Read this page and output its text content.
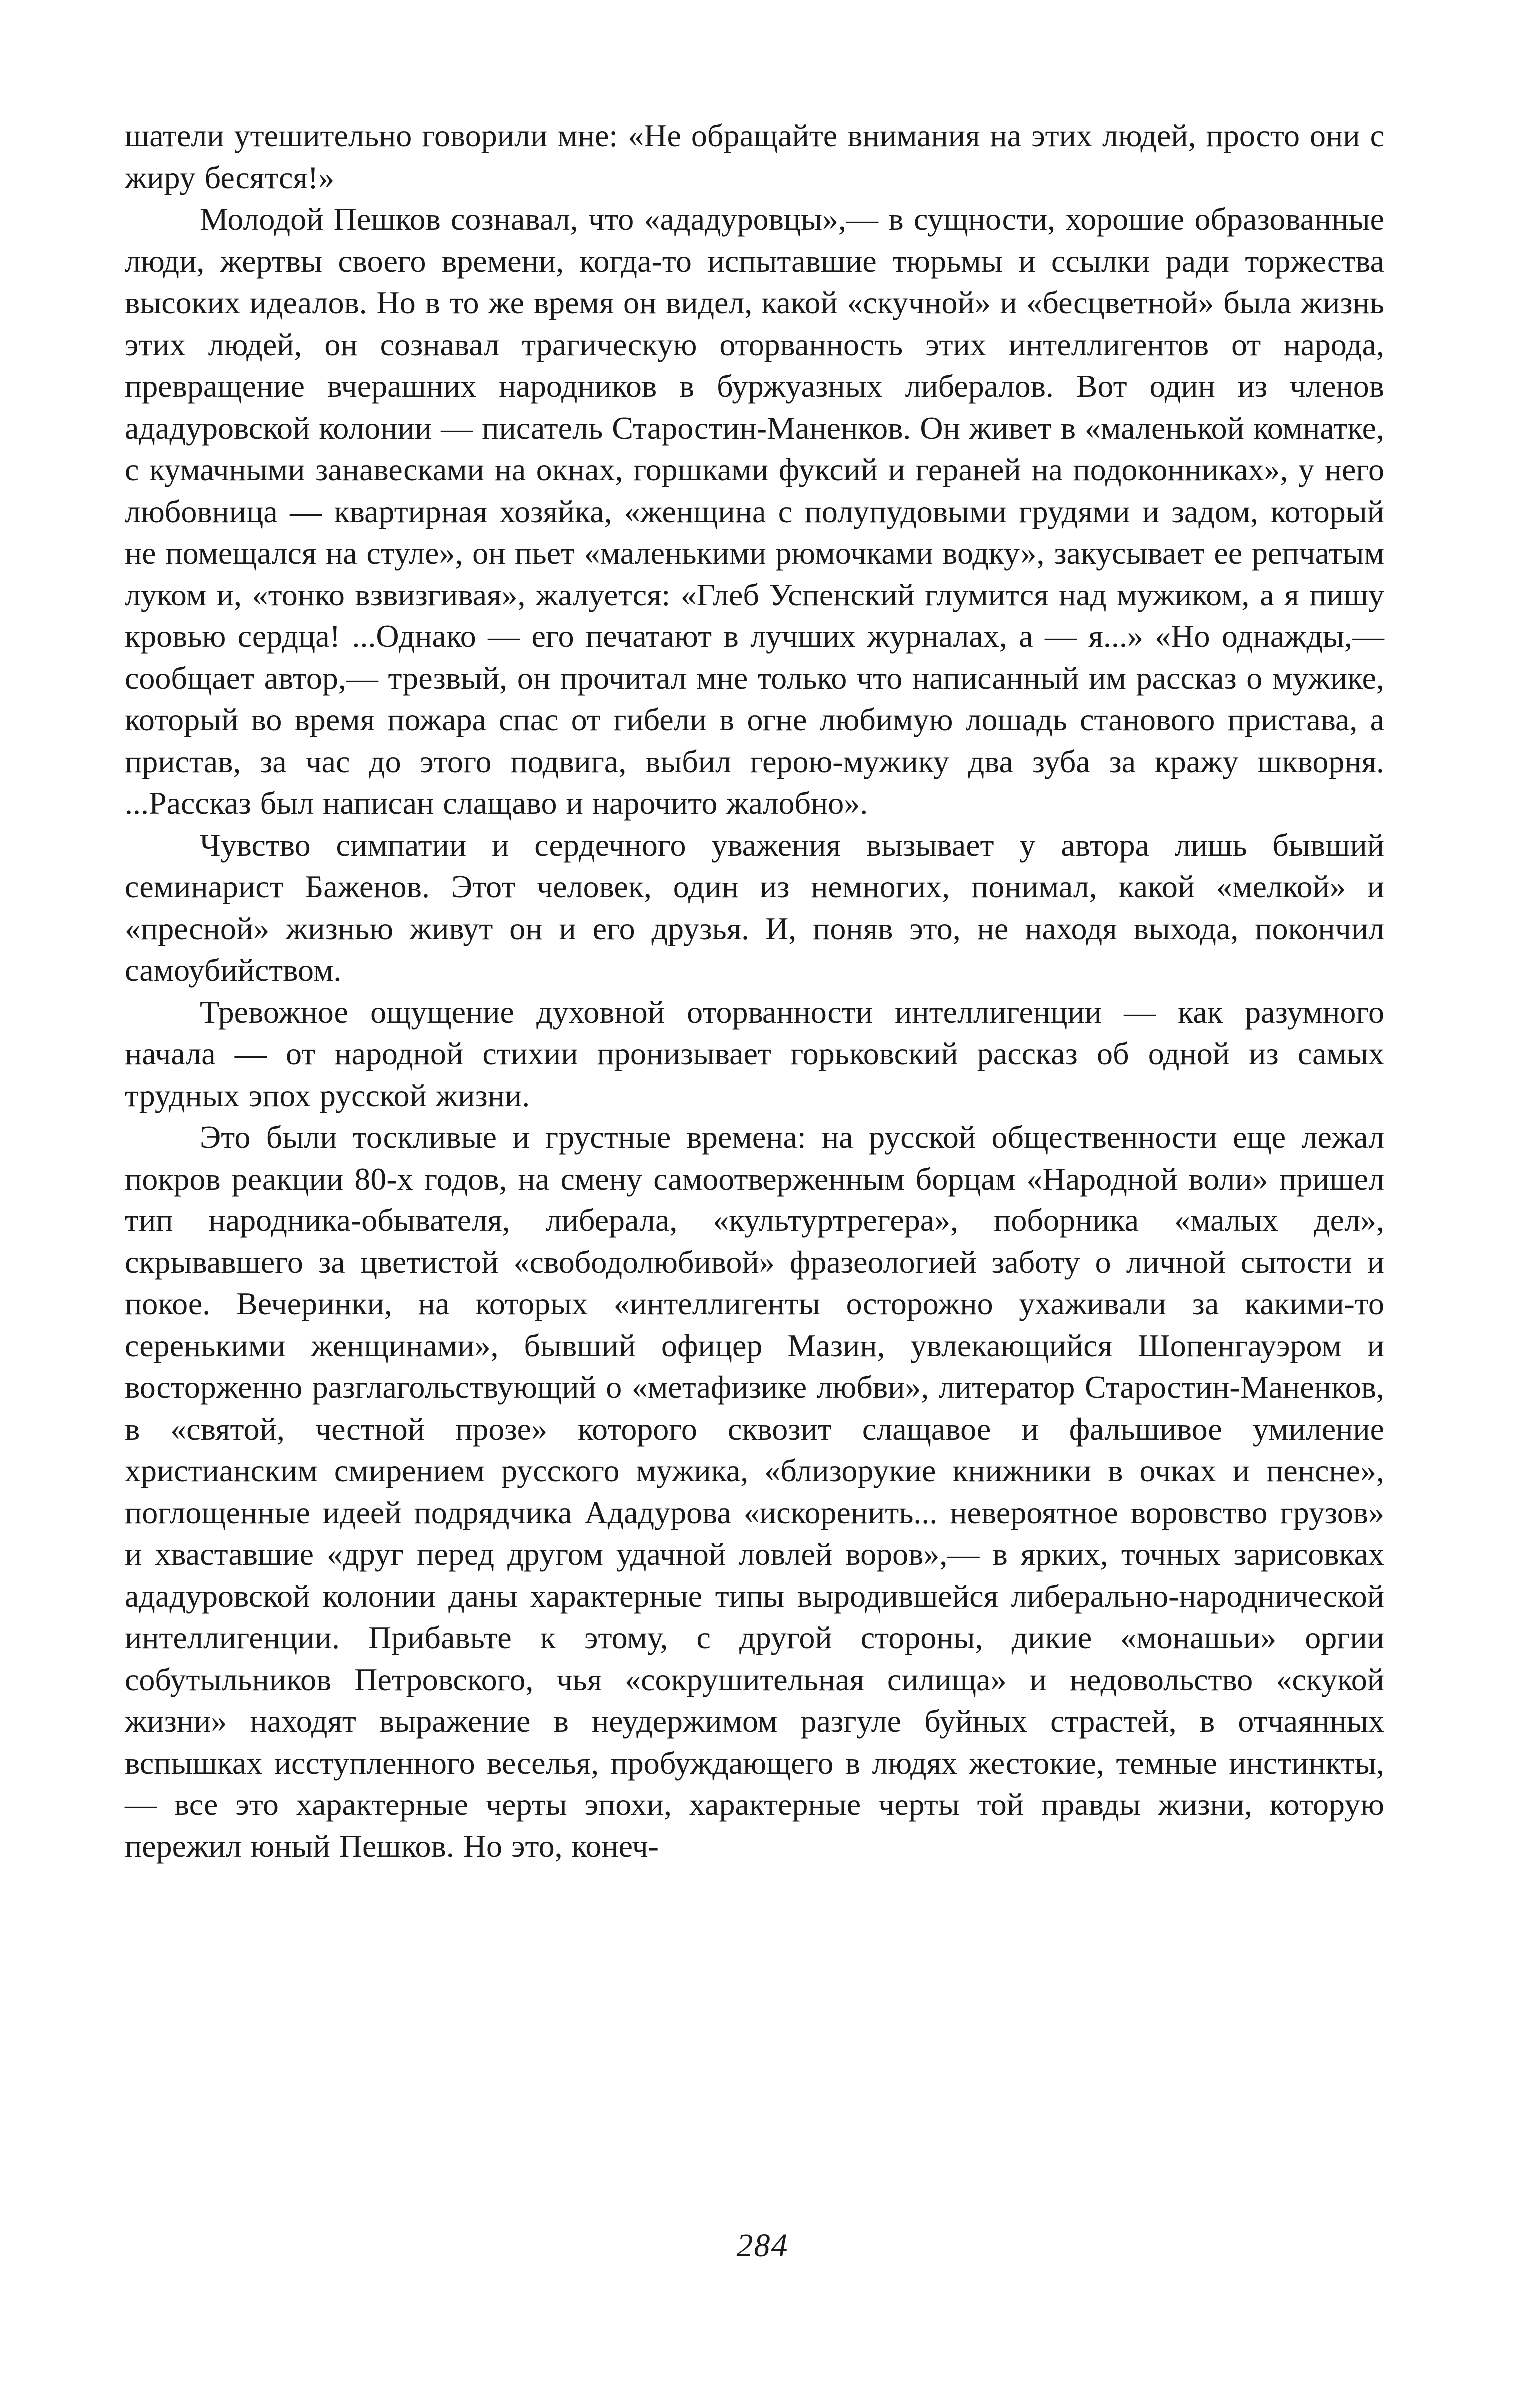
шатели утешительно говорили мне: «Не обращайте внимания на этих людей, просто они с жиру бесятся!»

Молодой Пешков сознавал, что «ададуровцы»,— в сущности, хорошие образованные люди, жертвы своего времени, когда-то испытавшие тюрьмы и ссылки ради торжества высоких идеалов. Но в то же время он видел, какой «скучной» и «бесцветной» была жизнь этих людей, он сознавал трагическую оторванность этих интеллигентов от народа, превращение вчерашних народников в буржуазных либералов. Вот один из членов ададуровской колонии — писатель Старостин-Маненков. Он живет в «маленькой комнатке, с кумачными занавесками на окнах, горшками фуксий и гераней на подоконниках», у него любовница — квартирная хозяйка, «женщина с полупудовыми грудями и задом, который не помещался на стуле», он пьет «маленькими рюмочками водку», закусывает ее репчатым луком и, «тонко взвизгивая», жалуется: «Глеб Успенский глумится над мужиком, а я пишу кровью сердца! ...Однако — его печатают в лучших журналах, а — я...» «Но однажды,— сообщает автор,— трезвый, он прочитал мне только что написанный им рассказ о мужике, который во время пожара спас от гибели в огне любимую лошадь станового пристава, а пристав, за час до этого подвига, выбил герою-мужику два зуба за кражу шкворня. ...Рассказ был написан слащаво и нарочито жалобно».

Чувство симпатии и сердечного уважения вызывает у автора лишь бывший семинарист Баженов. Этот человек, один из немногих, понимал, какой «мелкой» и «пресной» жизнью живут он и его друзья. И, поняв это, не находя выхода, покончил самоубийством.

Тревожное ощущение духовной оторванности интеллигенции — как разумного начала — от народной стихии пронизывает горьковский рассказ об одной из самых трудных эпох русской жизни.

Это были тоскливые и грустные времена: на русской общественности еще лежал покров реакции 80-х годов, на смену самоотверженным борцам «Народной воли» пришел тип народника-обывателя, либерала, «культуртрегера», поборника «малых дел», скрывавшего за цветистой «свободолюбивой» фразеологией заботу о личной сытости и покое. Вечеринки, на которых «интеллигенты осторожно ухаживали за какими-то серенькими женщинами», бывший офицер Мазин, увлекающийся Шопенгауэром и восторженно разглагольствующий о «метафизике любви», литератор Старостин-Маненков, в «святой, честной прозе» которого сквозит слащавое и фальшивое умиление христианским смирением русского мужика, «близорукие книжники в очках и пенсне», поглощенные идеей подрядчика Ададурова «искоренить... невероятное воровство грузов» и хваставшие «друг перед другом удачной ловлей воров»,— в ярких, точных зарисовках ададуровской колонии даны характерные типы выродившейся либерально-народнической интеллигенции. Прибавьте к этому, с другой стороны, дикие «монашьи» оргии собутыльников Петровского, чья «сокрушительная силища» и недовольство «скукой жизни» находят выражение в неудержимом разгуле буйных страстей, в отчаянных вспышках исступленного веселья, пробуждающего в людях жестокие, темные инстинкты,— все это характерные черты эпохи, характерные черты той правды жизни, которую пережил юный Пешков. Но это, конеч-

284
